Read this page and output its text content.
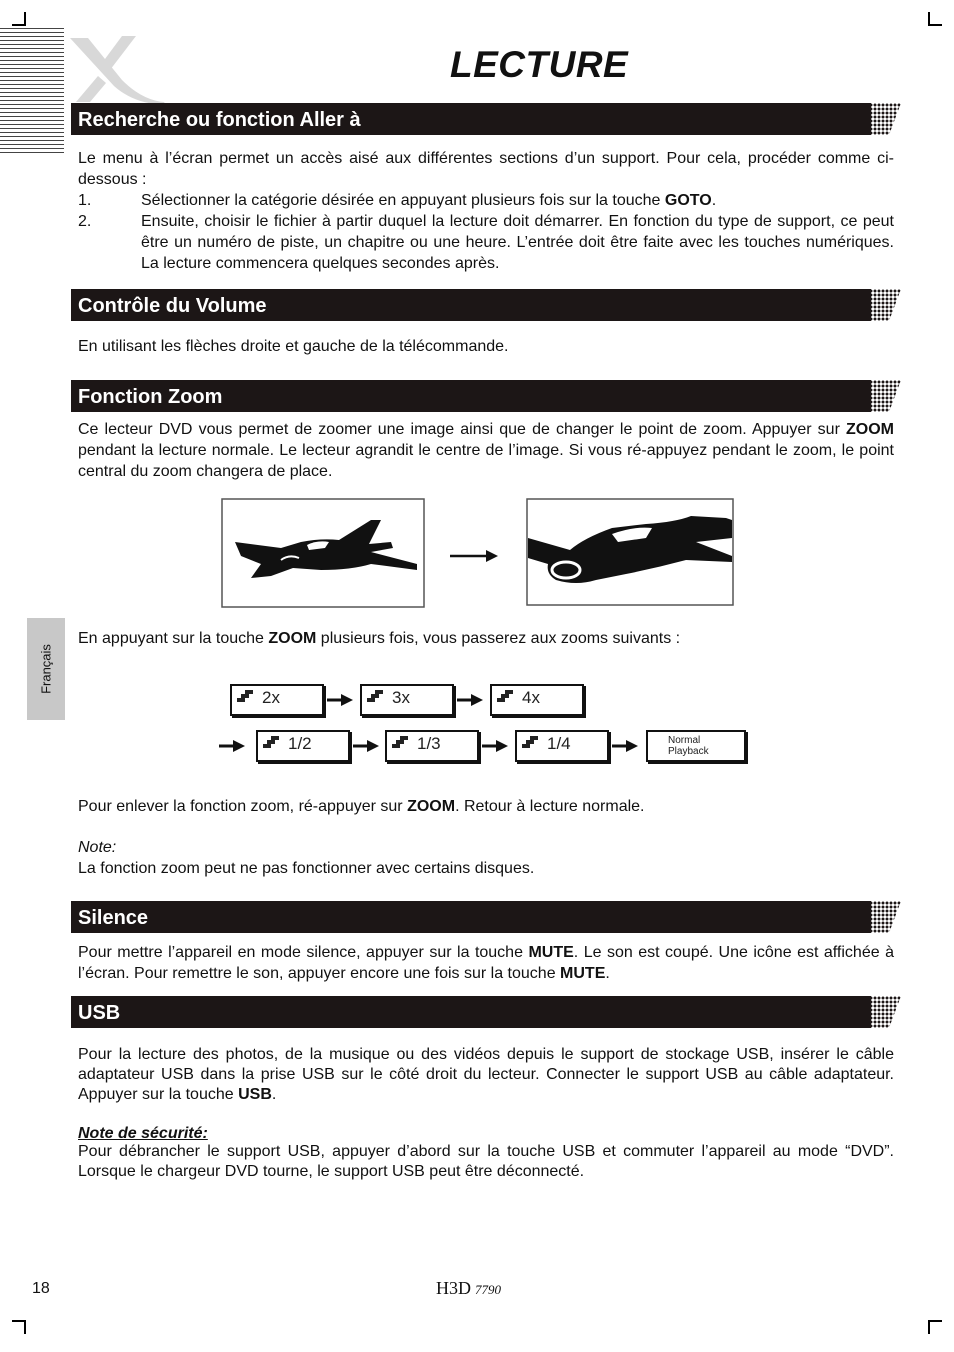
LECTURE
Recherche ou fonction Aller à
Le menu à l’écran permet un accès aisé aux différentes sections d’un support. Pour cela, procéder comme ci-dessous :
1.	Sélectionner la catégorie désirée en appuyant plusieurs fois sur la touche GOTO.
2.	Ensuite, choisir le fichier à partir duquel la lecture doit démarrer. En fonction du type de support, ce peut être un numéro de piste, un chapitre ou une heure. L’entrée doit être faite avec les touches numériques. La lecture commencera quelques secondes après.
Contrôle du Volume
En utilisant les flèches droite et gauche de la télécommande.
Fonction Zoom
Ce lecteur DVD vous permet de zoomer une image ainsi que de changer le point de zoom. Appuyer sur ZOOM pendant la lecture normale. Le lecteur agrandit le centre de l’image. Si vous ré-appuyez pendant le zoom, le point central du zoom changera de place.
Français
En appuyant sur la touche ZOOM plusieurs fois, vous passerez aux zooms suivants :
2x	3x	4x
1/2	1/3	1/4	Normal
Playback
Pour enlever la fonction zoom, ré-appuyer sur ZOOM. Retour à lecture normale.
Note:
La fonction zoom peut ne pas fonctionner avec certains disques.
Silence
Pour mettre l’appareil en mode silence, appuyer sur la touche MUTE. Le son est coupé. Une icône est affichée à l’écran. Pour remettre le son, appuyer encore une fois sur la touche MUTE.
USB
Pour la lecture des photos, de la musique ou des vidéos depuis le support de stockage USB, insérer le câble adaptateur USB dans la prise USB sur le côté droit du lecteur. Connecter le support USB au câble adaptateur. Appuyer sur la touche USB.
Note de sécurité:
Pour débrancher le support USB, appuyer d’abord sur la touche USB et commuter l’appareil au mode “DVD”. Lorsque le chargeur DVD tourne, le support USB peut être déconnecté.
18	H3D 7790
